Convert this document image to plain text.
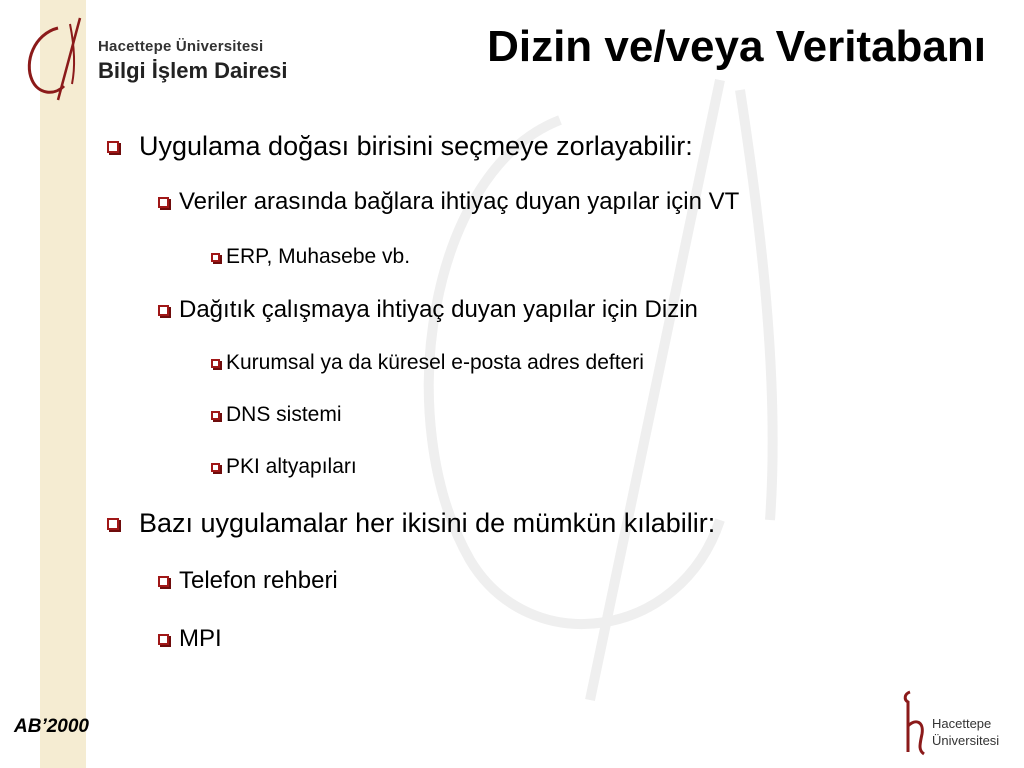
Hacettepe Üniversitesi
Bilgi İşlem Dairesi	Dizin ve/veya Veritabanı
Uygulama doğası birisini seçmeye zorlayabilir:
Veriler arasında bağlara ihtiyaç duyan yapılar için VT
ERP, Muhasebe vb.
Dağıtık çalışmaya ihtiyaç duyan yapılar için Dizin
Kurumsal ya da küresel e-posta adres defteri
DNS sistemi
PKI altyapıları
Bazı uygulamalar her ikisini de mümkün kılabilir:
Telefon rehberi
MPI
AB’2000	Hacettepe
Üniversitesi
